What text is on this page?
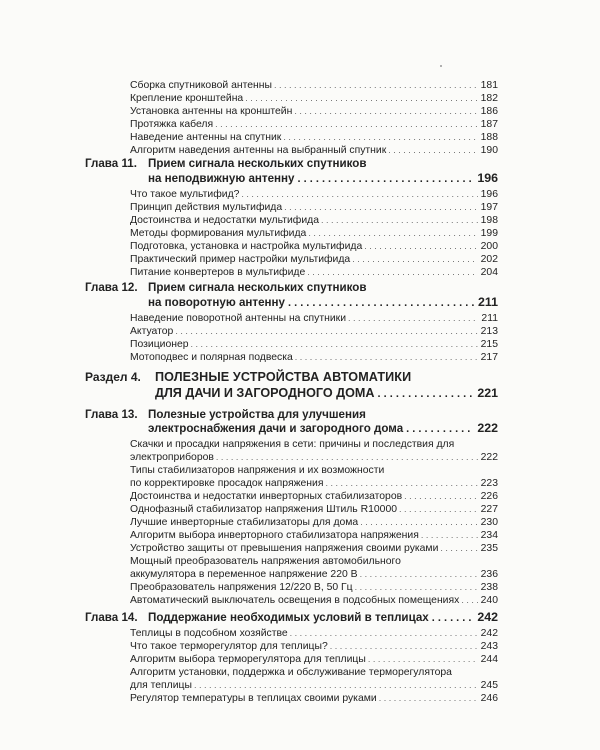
Сборка спутниковой антенны . . .	181
Крепление кронштейна . . .	182
Установка антенны на кронштейн . . .	186
Протяжка кабеля . . .	187
Наведение антенны на спутник . . .	188
Алгоритм наведения антенны на выбранный спутник . . .	190
Глава 11. Прием сигнала нескольких спутников
на неподвижную антенну . . .	196
Что такое мультифид? . . .	196
Принцип действия мультифида . . .	197
Достоинства и недостатки мультифида . . .	198
Методы формирования мультифида . . .	199
Подготовка, установка и настройка мультифида . . .	200
Практический пример настройки мультифида . . .	202
Питание конвертеров в мультифиде . . .	204
Глава 12. Прием сигнала нескольких спутников
на поворотную антенну . . .	211
Наведение поворотной антенны на спутники . . .	211
Актуатор . . .	213
Позиционер . . .	215
Мотоподвес и полярная подвеска . . .	217
Раздел 4. ПОЛЕЗНЫЕ УСТРОЙСТВА АВТОМАТИКИ
ДЛЯ ДАЧИ И ЗАГОРОДНОГО ДОМА . . .	221
Глава 13. Полезные устройства для улучшения
электроснабжения дачи и загородного дома . . .	222
Скачки и просадки напряжения в сети: причины и последствия для
электроприборов . . .	222
Типы стабилизаторов напряжения и их возможности
по корректировке просадок напряжения . . .	223
Достоинства и недостатки инверторных стабилизаторов . . .	226
Однофазный стабилизатор напряжения Штиль R10000 . . .	227
Лучшие инверторные стабилизаторы для дома . . .	230
Алгоритм выбора инверторного стабилизатора напряжения . . .	234
Устройство защиты от превышения напряжения своими руками . . .	235
Мощный преобразователь напряжения автомобильного
аккумулятора в переменное напряжение 220 В . . .	236
Преобразователь напряжения 12/220 В, 50 Гц . . .	238
Автоматический выключатель освещения в подсобных помещениях . . . 240
Глава 14. Поддержание необходимых условий в теплицах . . .	242
Теплицы в подсобном хозяйстве . . .	242
Что такое терморегулятор для теплицы? . . .	243
Алгоритм выбора терморегулятора для теплицы . . .	244
Алгоритм установки, поддержка и обслуживание терморегулятора
для теплицы . . .	245
Регулятор температуры в теплицах своими руками . . .	246
